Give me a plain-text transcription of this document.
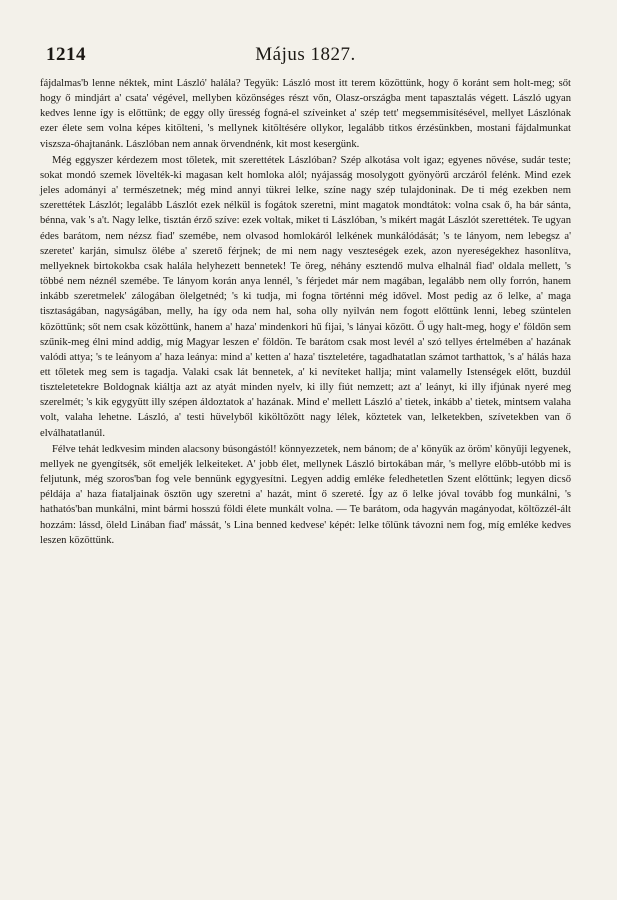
1214	Május 1827.

fájdalmas'b lenne néktek, mint László' halála? Tegyük: László most itt terem közöttünk, hogy ő koránt sem holt-meg; sőt hogy ő mindjárt a' csata' végével, mellyben közönséges részt vőn, Olasz-országba ment tapasztalás végett. László ugyan kedves lenne így is előttünk; de eggy olly üresség fogná-el szíveinket a' szép tett' megsemmisítésével, mellyet Lászlónak ezer élete sem volna képes kitölteni, 's mellynek kitöltésére ollykor, legalább titkos érzésünkben, mostani fájdalmunkat viszsza-óhajtanánk. Lászlóban nem annak örvendnénk, kit most kesergünk.

Még eggyszer kérdezem most tőletek, mit szerettétek Lászlóban? Szép alkotása volt igaz; egyenes növése, sudár teste; sokat mondó szemek lövelték-ki magasan kelt homloka alól; nyájasság mosolygott gyönyörű arczáról felénk. Mind ezek jeles adományi a' természetnek; még mind annyi tükrei lelke, színe nagy szép tulajdoninak. De ti még ezekben nem szerettétek Lászlót; legalább Lászlót ezek nélkül is fogátok szeretni, mint magatok mondtátok: volna csak ő, ha bár sánta, bénna, vak 's a't. Nagy lelke, tisztán érző szíve: ezek voltak, miket ti Lászlóban, 's mikért magát Lászlót szerettétek. Te ugyan édes barátom, nem nézsz fiad' szemébe, nem olvasod homlokáról lelkének munkálódását; 's te lányom, nem lebegsz a' szeretet' karján, simulsz ölébe a' szerető férjnek; de mi nem nagy veszteségek ezek, azon nyereségekhez hasonlítva, mellyeknek birtokokba csak halála helyhezett bennetek! Te öreg, néhány esztendő mulva elhalnál fiad' oldala mellett, 's többé nem néznél szemébe. Te lányom korán anya lennél, 's férjedet már nem magában, legalább nem olly forrón, hanem inkább szeretmelek' zálogában ölelgetnéd; 's ki tudja, mi fogna történni még idővel. Most pedig az ő lelke, a' maga tisztaságában, nagyságában, melly, ha így oda nem hal, soha olly nyilván nem fogott előttünk lenni, lebeg szüntelen közöttünk; sőt nem csak közöttünk, hanem a' haza' mindenkori hű fijai, 's lányai között. Ő ugy halt-meg, hogy e' földön sem szűnik-meg élni mind addig, míg Magyar leszen e' földön. Te barátom csak most levél a' szó tellyes értelmében a' hazának valódi attya; 's te leányom a' haza leánya: mind a' ketten a' haza' tiszteletére, tagadhatatlan számot tarthattok, 's a' hálás haza ett tőletek meg sem is tagadja. Valaki csak lát bennetek, a' ki nevíteket hallja; mint valamelly Istenségek előtt, buzdúl tiszteletetekre Boldognak kiáltja azt az atyát minden nyelv, ki illy fiút nemzett; azt a' leányt, ki illy ifjúnak nyeré meg szerelmét; 's kik egygyütt illy szépen áldoztatok a' hazának. Mind e' mellett László a' tietek, inkább a' tietek, mintsem valaha volt, valaha lehetne. László, a' testi hüvelyből kiköltözött nagy lélek, köztetek van, lelketekben, szívetekben van ő elválhatatlanúl.

Félve tehát ledkvesim minden alacsony búsongástól! könnyezzetek, nem bánom; de a' könyűk az öröm' könyűji legyenek, mellyek ne gyengítsék, sőt emeljék lelkeiteket. A' jobb élet, mellynek László birtokában már, 's mellyre előbb-utóbb mi is feljutunk, még szoros'ban fog vele bennünk egygyesítni. Legyen addig emléke feledhetetlen Szent előttünk; legyen dicső példája a' haza fiataljainak ösztön ugy szeretni a' hazát, mint ő szereté. Így az ő lelke jóval tovább fog munkálni, 's hathatós'ban munkálni, mint bármi hosszú földi élete munkált volna. — Te barátom, oda hagyván magányodat, költözzél-ált hozzám: lássd, öleld Linában fiad' mássát, 's Lina benned kedvese' képét: lelke tőlünk távozni nem fog, míg emléke kedves leszen közöttünk.
